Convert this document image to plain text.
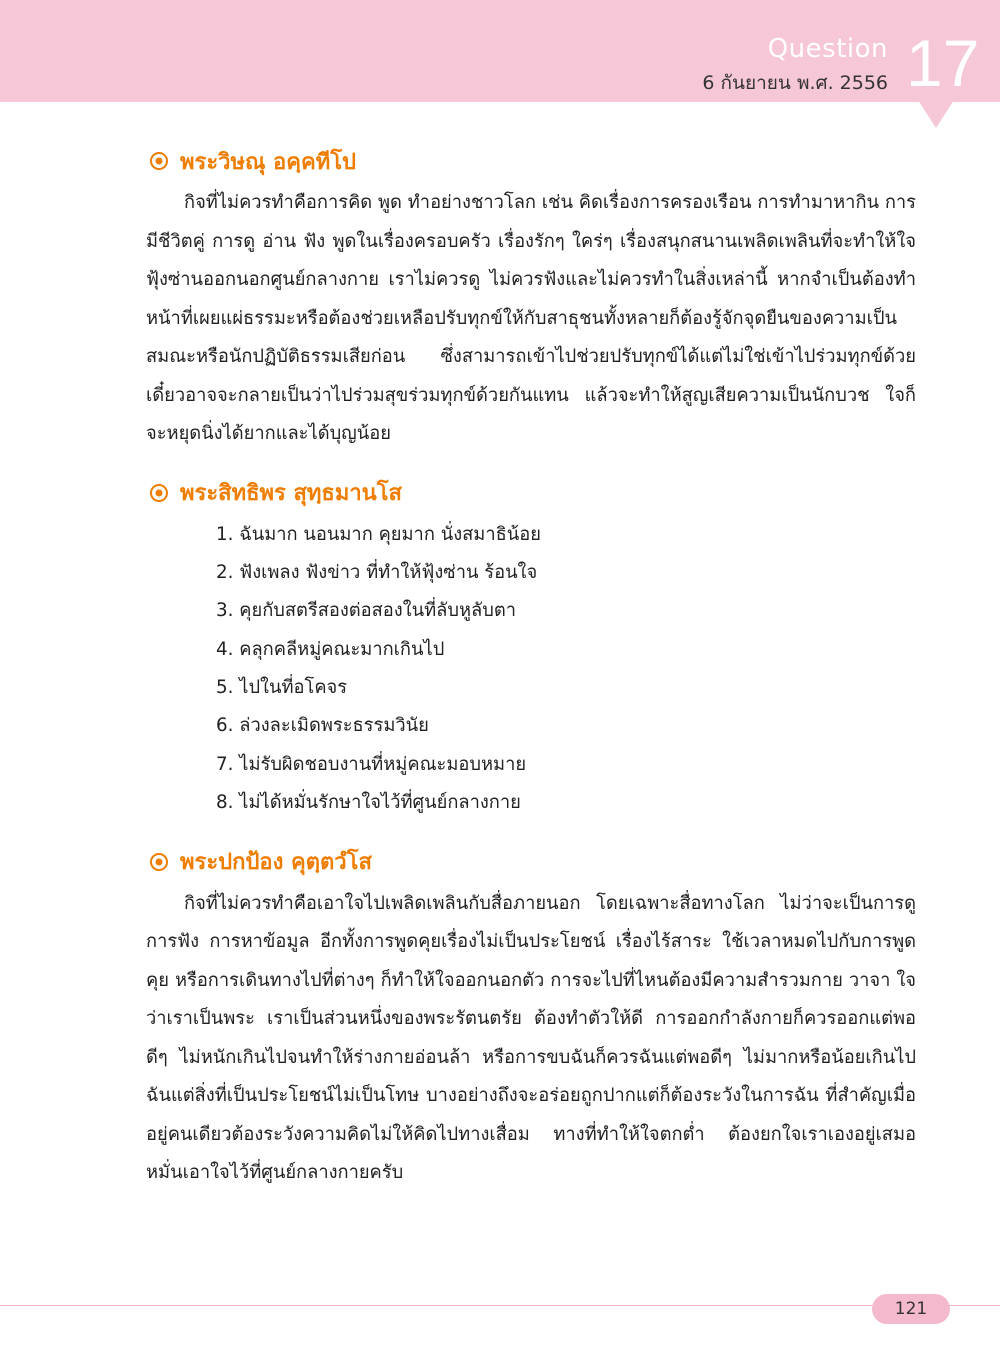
Question
6 กันยายน พ.ศ. 2556 17
พระวิษณุ อคฺคทีโป

กิจที่ไม่ควรทำคือการคิด พูด ทำอย่างชาวโลก เช่น คิดเรื่องการครองเรือน การทำมาหากิน การมีชีวิตคู่ การดู อ่าน ฟัง พูดในเรื่องครอบครัว เรื่องรักๆ ใคร่ๆ เรื่องสนุกสนานเพลิดเพลินที่จะทำให้ใจฟุ้งซ่านออกนอกศูนย์กลางกาย เราไม่ควรดู ไม่ควรฟังและไม่ควรทำในสิ่งเหล่านี้ หากจำเป็นต้องทำหน้าที่เผยแผ่ธรรมะหรือต้องช่วยเหลือปรับทุกข์ให้กับสาธุชนทั้งหลายก็ต้องรู้จักจุดยืนของความเป็นสมณะหรือนักปฏิบัติธรรมเสียก่อน ซึ่งสามารถเข้าไปช่วยปรับทุกข์ได้แต่ไม่ใช่เข้าไปร่วมทุกข์ด้วย เดี๋ยวอาจจะกลายเป็นว่าไปร่วมสุขร่วมทุกข์ด้วยกันแทน แล้วจะทำให้สูญเสียความเป็นนักบวช ใจก็จะหยุดนิ่งได้ยากและได้บุญน้อย

พระสิทธิพร สุทฺธมานโส
1. ฉันมาก นอนมาก คุยมาก นั่งสมาธิน้อย
2. ฟังเพลง ฟังข่าว ที่ทำให้ฟุ้งซ่าน ร้อนใจ
3. คุยกับสตรีสองต่อสองในที่ลับหูลับตา
4. คลุกคลีหมู่คณะมากเกินไป
5. ไปในที่อโคจร
6. ล่วงละเมิดพระธรรมวินัย
7. ไม่รับผิดชอบงานที่หมู่คณะมอบหมาย
8. ไม่ได้หมั่นรักษาใจไว้ที่ศูนย์กลางกาย
พระปกป้อง คุตฺตวํโส

กิจที่ไม่ควรทำคือเอาใจไปเพลิดเพลินกับสื่อภายนอก โดยเฉพาะสื่อทางโลก ไม่ว่าจะเป็นการดู การฟัง การหาข้อมูล อีกทั้งการพูดคุยเรื่องไม่เป็นประโยชน์ เรื่องไร้สาระ ใช้เวลาหมดไปกับการพูดคุย หรือการเดินทางไปที่ต่างๆ ก็ทำให้ใจออกนอกตัว การจะไปที่ไหนต้องมีความสำรวมกาย วาจา ใจ ว่าเราเป็นพระ เราเป็นส่วนหนึ่งของพระรัตนตรัย ต้องทำตัวให้ดี การออกกำลังกายก็ควรออกแต่พอดีๆ ไม่หนักเกินไปจนทำให้ร่างกายอ่อนล้า หรือการขบฉันก็ควรฉันแต่พอดีๆ ไม่มากหรือน้อยเกินไป ฉันแต่สิ่งที่เป็นประโยชน์ไม่เป็นโทษ บางอย่างถึงจะอร่อยถูกปากแต่ก็ต้องระวังในการฉัน ที่สำคัญเมื่ออยู่คนเดียวต้องระวังความคิดไม่ให้คิดไปทางเสื่อม ทางที่ทำให้ใจตกต่ำ ต้องยกใจเราเองอยู่เสมอ หมั่นเอาใจไว้ที่ศูนย์กลางกายครับ

121
